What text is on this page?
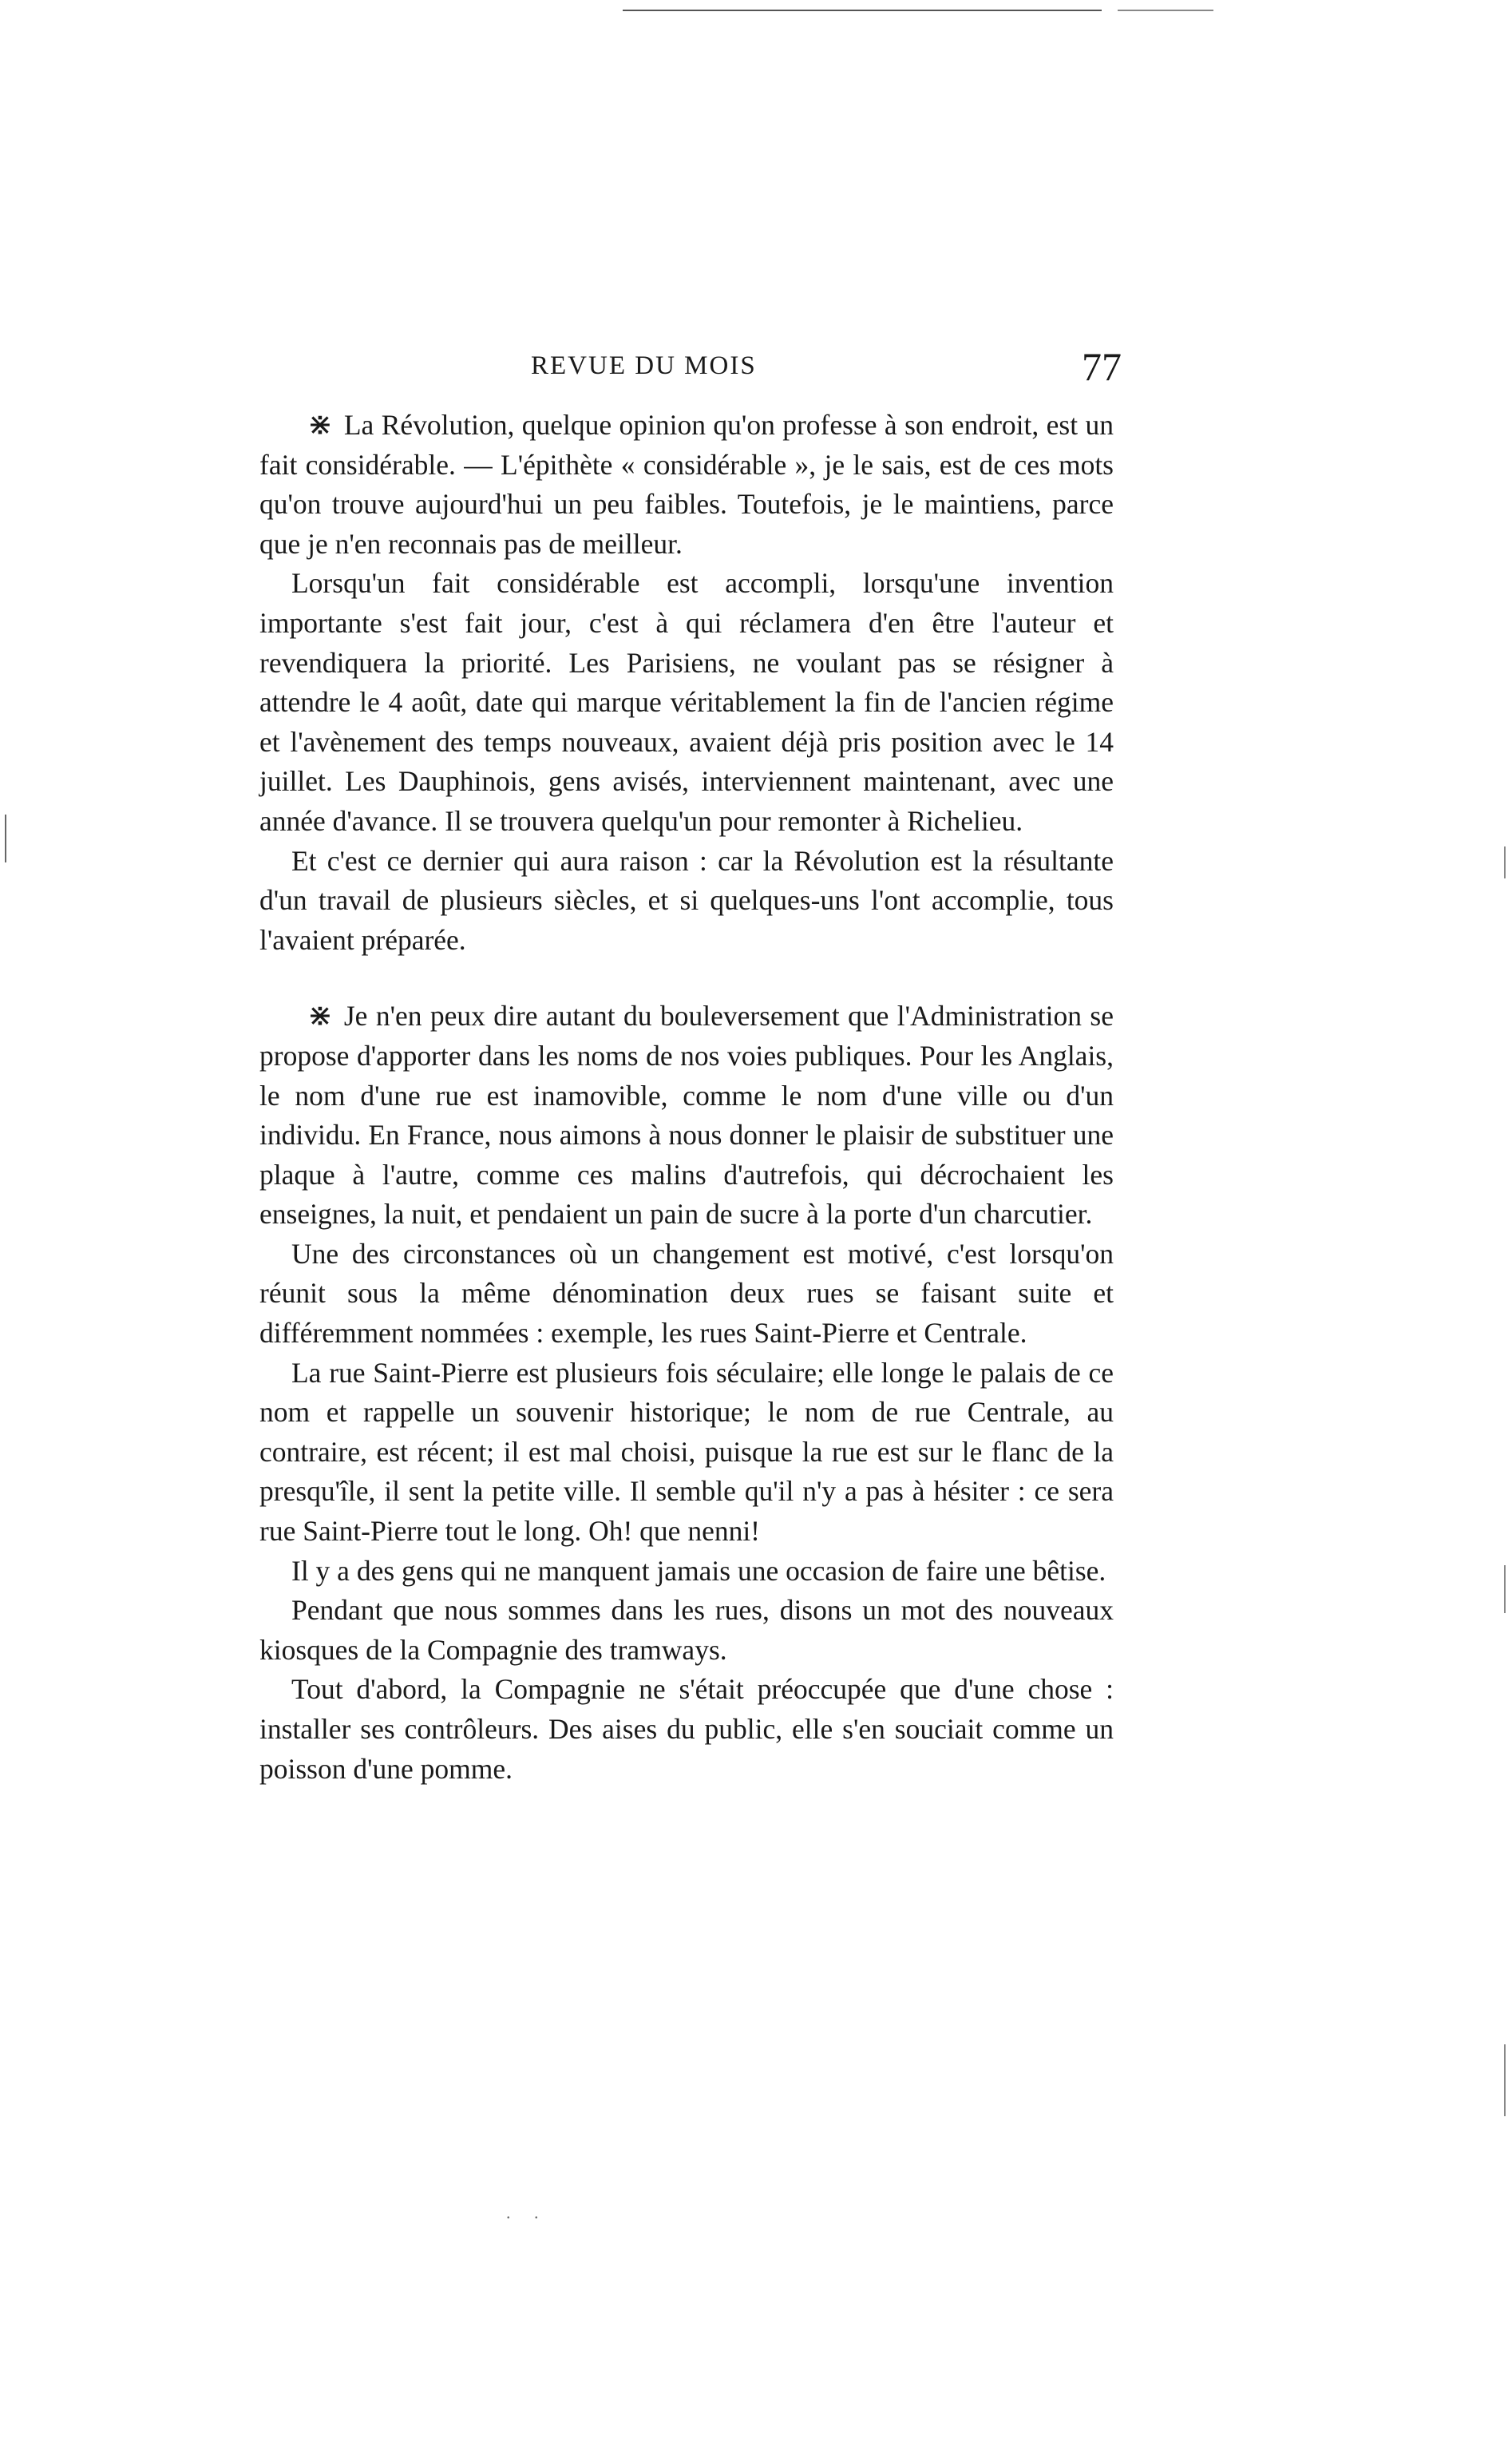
REVUE DU MOIS	77

⋇ La Révolution, quelque opinion qu'on professe à son endroit, est un fait considérable. — L'épithète « considérable », je le sais, est de ces mots qu'on trouve aujourd'hui un peu faibles. Toutefois, je le maintiens, parce que je n'en reconnais pas de meilleur.

Lorsqu'un fait considérable est accompli, lorsqu'une invention importante s'est fait jour, c'est à qui réclamera d'en être l'auteur et revendiquera la priorité. Les Parisiens, ne voulant pas se résigner à attendre le 4 août, date qui marque véritablement la fin de l'ancien régime et l'avènement des temps nouveaux, avaient déjà pris position avec le 14 juillet. Les Dauphinois, gens avisés, interviennent maintenant, avec une année d'avance. Il se trouvera quelqu'un pour remonter à Richelieu.

Et c'est ce dernier qui aura raison : car la Révolution est la résultante d'un travail de plusieurs siècles, et si quelques-uns l'ont accomplie, tous l'avaient préparée.

⋇ Je n'en peux dire autant du bouleversement que l'Administration se propose d'apporter dans les noms de nos voies publiques. Pour les Anglais, le nom d'une rue est inamovible, comme le nom d'une ville ou d'un individu. En France, nous aimons à nous donner le plaisir de substituer une plaque à l'autre, comme ces malins d'autrefois, qui décrochaient les enseignes, la nuit, et pendaient un pain de sucre à la porte d'un charcutier.

Une des circonstances où un changement est motivé, c'est lorsqu'on réunit sous la même dénomination deux rues se faisant suite et différemment nommées : exemple, les rues Saint-Pierre et Centrale.

La rue Saint-Pierre est plusieurs fois séculaire; elle longe le palais de ce nom et rappelle un souvenir historique; le nom de rue Centrale, au contraire, est récent; il est mal choisi, puisque la rue est sur le flanc de la presqu'île, il sent la petite ville. Il semble qu'il n'y a pas à hésiter : ce sera rue Saint-Pierre tout le long. Oh! que nenni!

Il y a des gens qui ne manquent jamais une occasion de faire une bêtise.

Pendant que nous sommes dans les rues, disons un mot des nouveaux kiosques de la Compagnie des tramways.

Tout d'abord, la Compagnie ne s'était préoccupée que d'une chose : installer ses contrôleurs. Des aises du public, elle s'en souciait comme un poisson d'une pomme.

. .
